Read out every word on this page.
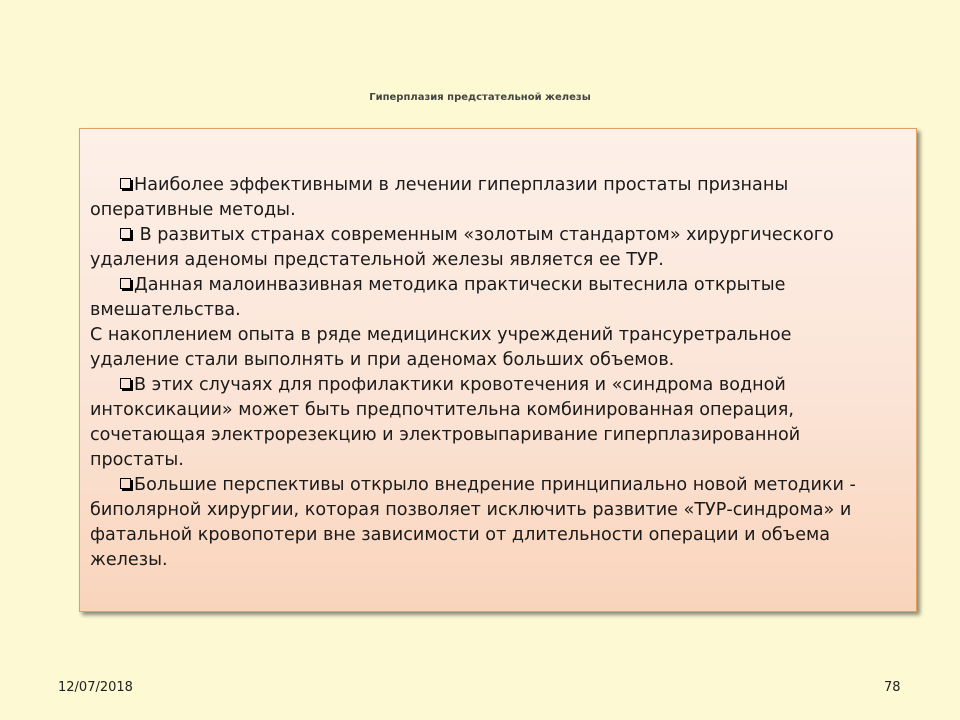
Гиперплазия предстательной железы

Наиболее эффективными в лечении гиперплазии простаты признаны оперативные методы.

В развитых странах современным «золотым стандартом» хирургического удаления аденомы предстательной железы является ее ТУР.

Данная малоинвазивная методика практически вытеснила открытые вмешательства.

С накоплением опыта в ряде медицинских учреждений трансуретральное удаление стали выполнять и при аденомах больших объемов.

В этих случаях для профилактики кровотечения и «синдрома водной интоксикации» может быть предпочтительна комбинированная операция, сочетающая электрорезекцию и электровыпаривание гиперплазированной простаты.

Большие перспективы открыло внедрение принципиально новой методики - биполярной хирургии, которая позволяет исключить развитие «ТУР-синдрома» и фатальной кровопотери вне зависимости от длительности операции и объема железы.

12/07/2018	78
